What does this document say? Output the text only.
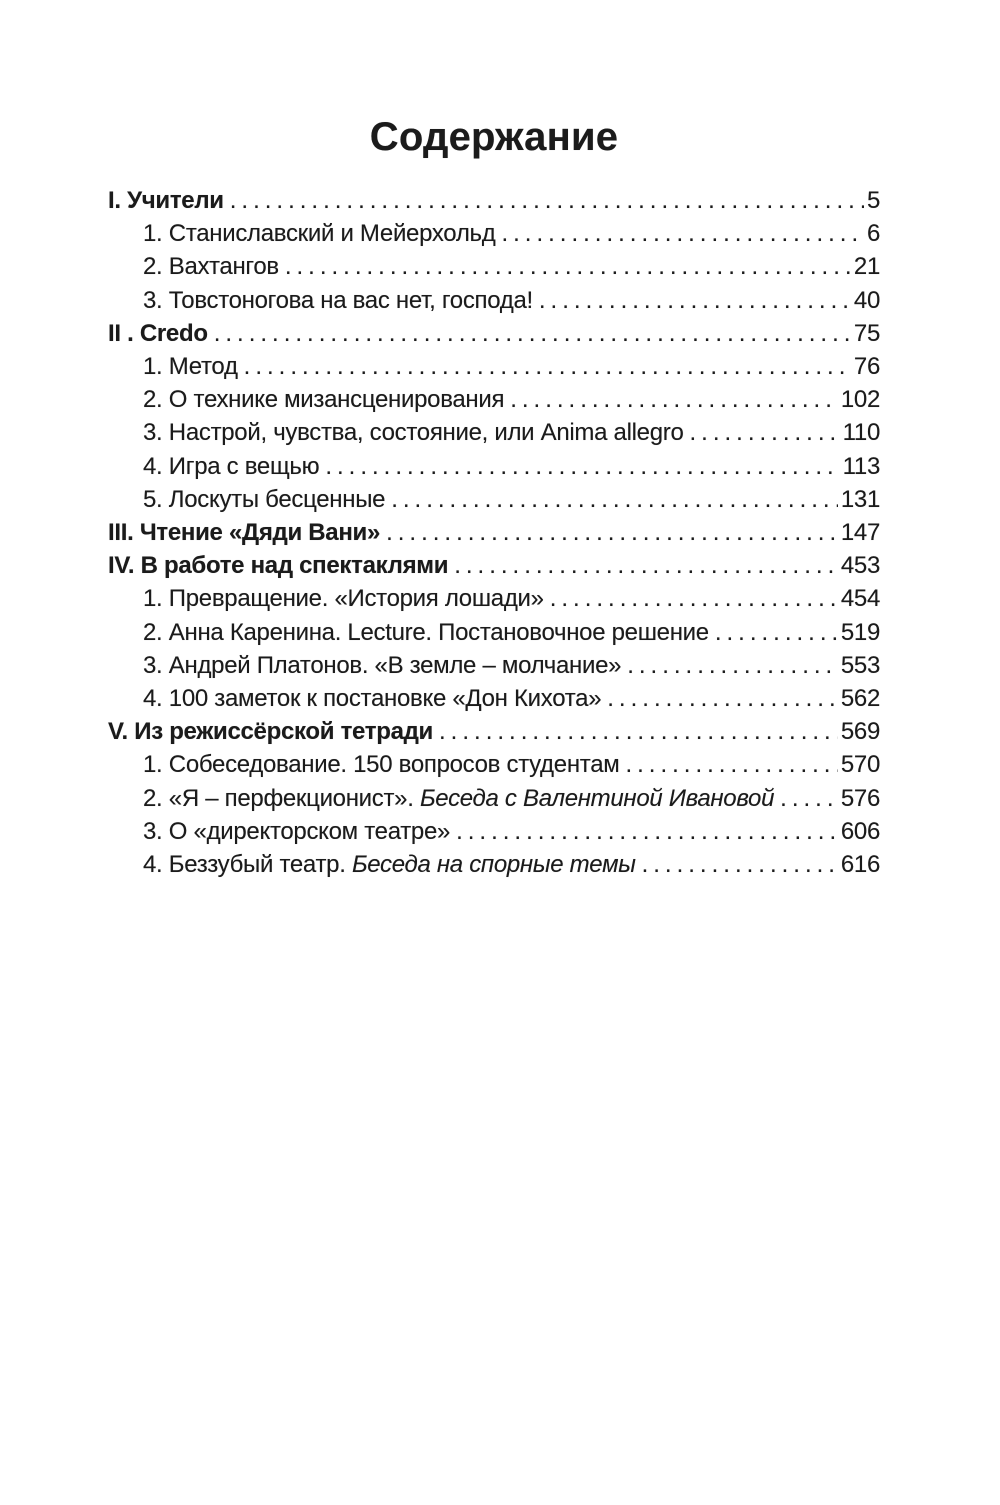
Содержание
I. Учители .....	5
1. Станиславский и Мейерхольд .....	6
2. Вахтангов .....	21
3. Товстоногова на вас нет, господа! .....	40
II . Credo .....	75
1. Метод .....	76
2. О технике мизансценирования .....	102
3. Настрой, чувства, состояние, или Anima allegro .....	110
4. Игра с вещью .....	113
5. Лоскуты бесценные .....	131
III. Чтение «Дяди Вани» .....	147
IV. В работе над спектаклями .....	453
1. Превращение. «История лошади» .....	454
2. Анна Каренина. Lecture. Постановочное решение .....	519
3. Андрей Платонов. «В земле – молчание» .....	553
4. 100 заметок к постановке «Дон Кихота» .....	562
V. Из режиссёрской тетради .....	569
1. Собеседование. 150 вопросов студентам .....	570
2. «Я – перфекционист». Беседа с Валентиной Ивановой .....	576
3. О «директорском театре» .....	606
4. Беззубый театр. Беседа на спорные темы .....	616
